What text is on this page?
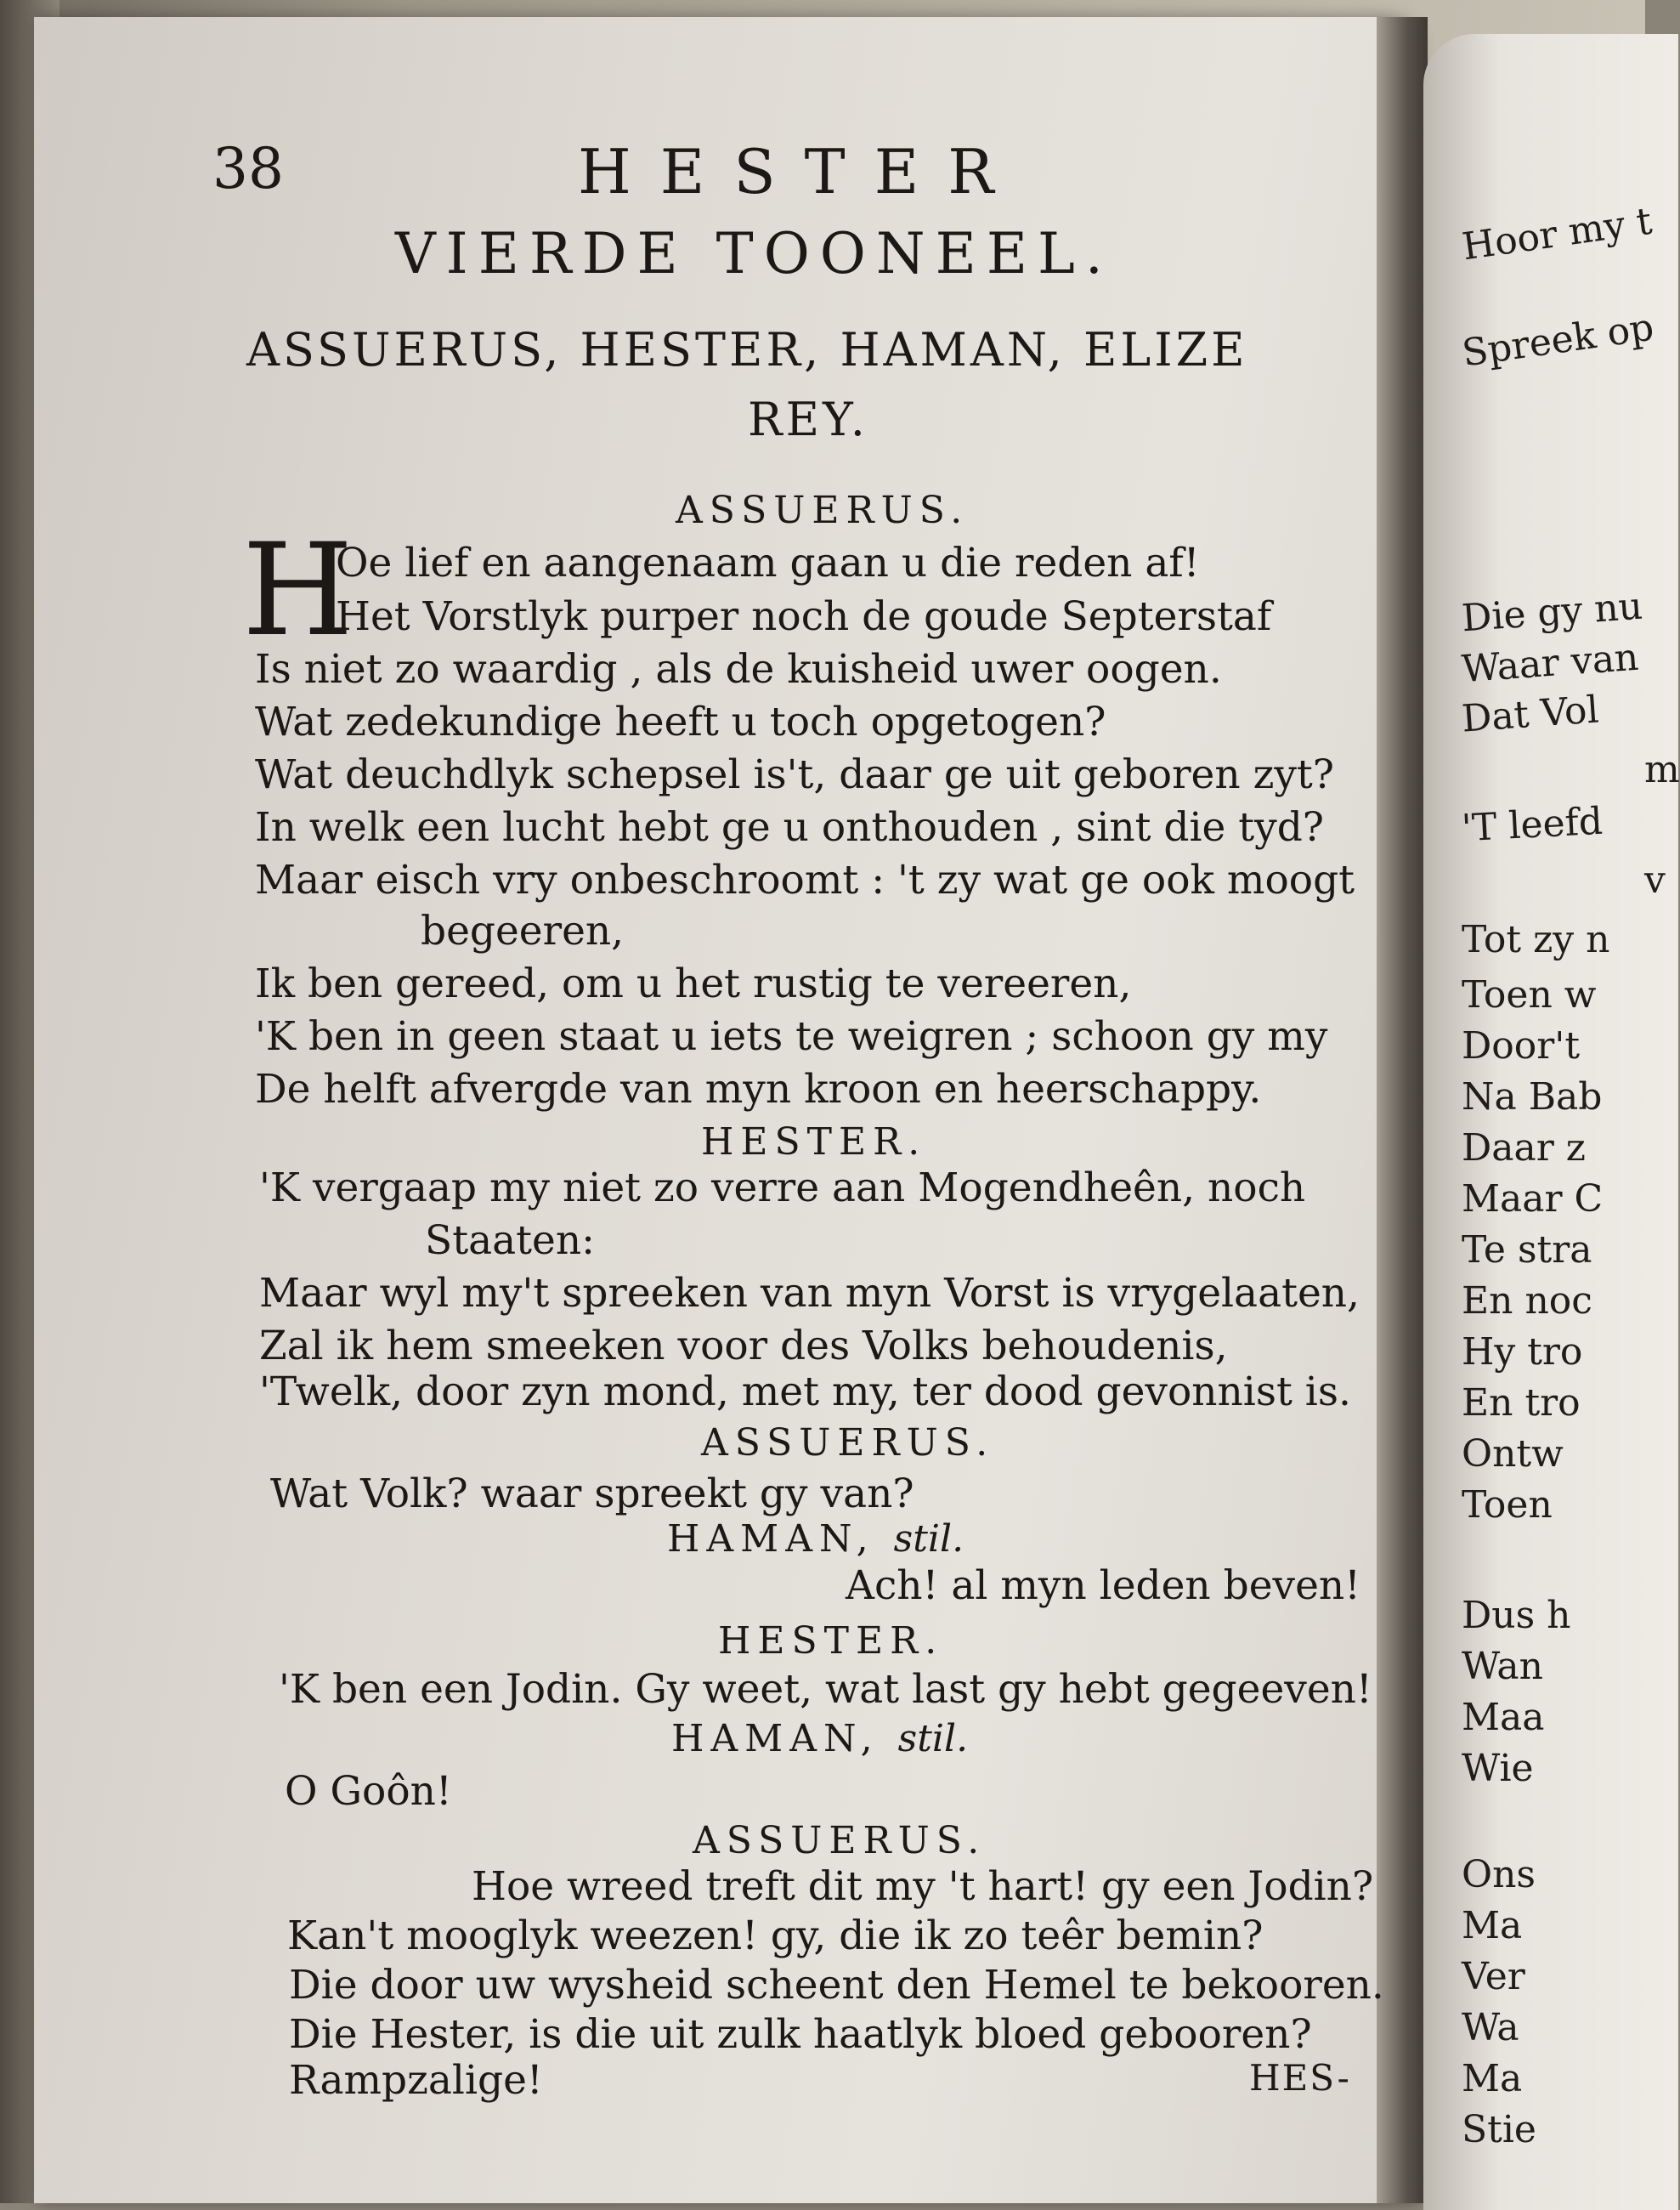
Hoor my t
Spreek op
Die gy nu
Waar van
Dat Vol
m
'T leefd
v
Tot zy n
Toen w
Door't
Na Bab
Daar z
Maar C
Te stra
En noc
Hy tro
En tro
Ontw
Toen
Dus h
Wan
Maa
Wie
Ons
Ma
Ver
Wa
Ma
Stie
38	HESTER
VIERDE TOONEEL.
ASSUERUS, HESTER, HAMAN, ELIZE
REY.
ASSUERUS.
H
Oe lief en aangenaam gaan u die reden af!
Het Vorstlyk purper noch de goude Septerstaf
Is niet zo waardig , als de kuisheid uwer oogen.
Wat zedekundige heeft u toch opgetogen?
Wat deuchdlyk schepsel is't, daar ge uit geboren zyt?
In welk een lucht hebt ge u onthouden , sint die tyd?
Maar eisch vry onbeschroomt : 't zy wat ge ook moogt
begeeren,
Ik ben gereed, om u het rustig te vereeren,
'K ben in geen staat u iets te weigren ; schoon gy my
De helft afvergde van myn kroon en heerschappy.
HESTER.
'K vergaap my niet zo verre aan Mogendheên, noch
Staaten:
Maar wyl my't spreeken van myn Vorst is vrygelaaten,
Zal ik hem smeeken voor des Volks behoudenis,
'Twelk, door zyn mond, met my, ter dood gevonnist is.
ASSUERUS.
Wat Volk? waar spreekt gy van?
HAMAN, stil.
Ach! al myn leden beven!
HESTER.
'K ben een Jodin. Gy weet, wat last gy hebt gegeeven!
HAMAN, stil.
O Goôn!
ASSUERUS.
Hoe wreed treft dit my 't hart! gy een Jodin?
Kan't mooglyk weezen! gy, die ik zo teêr bemin?
Die door uw wysheid scheent den Hemel te bekooren.
Die Hester, is die uit zulk haatlyk bloed gebooren?
Rampzalige!	HES-
